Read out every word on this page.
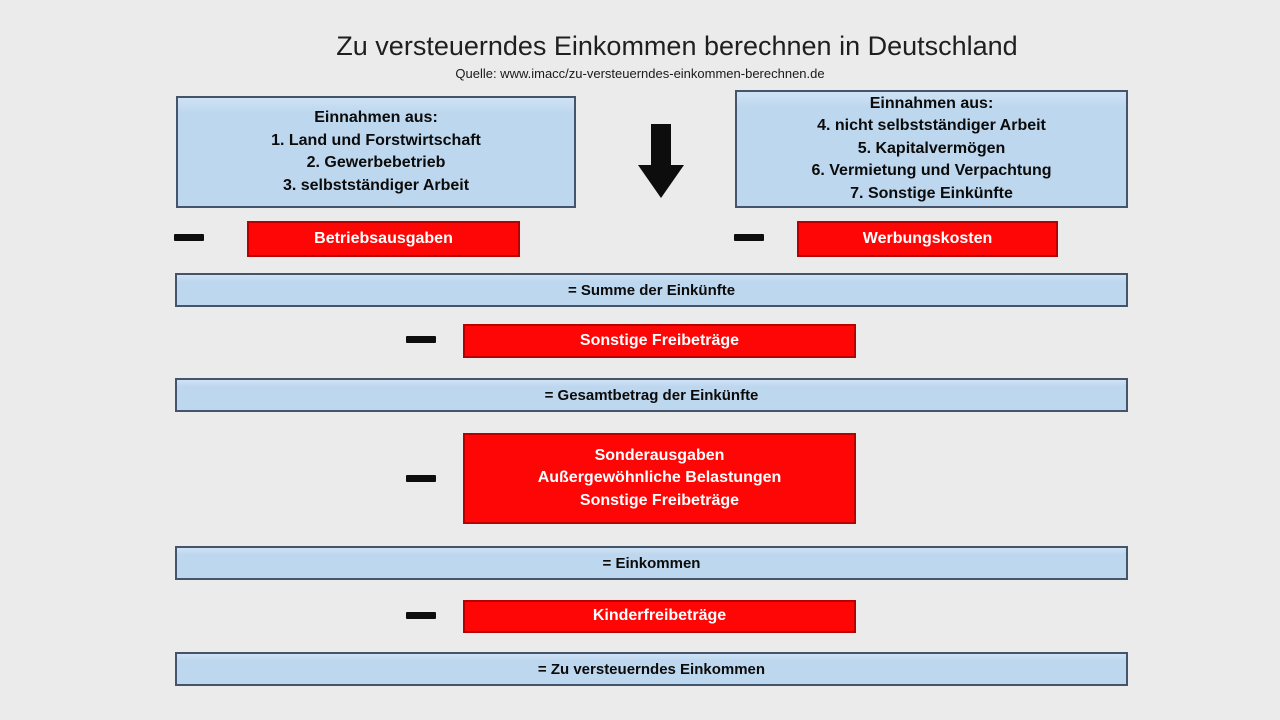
Zu versteuerndes Einkommen berechnen in Deutschland
Quelle: www.imacc/zu-versteuerndes-einkommen-berechnen.de
Einnahmen aus:
1. Land und Forstwirtschaft
2. Gewerbebetrieb
3. selbstständiger Arbeit
Einnahmen aus:
4. nicht selbstständiger Arbeit
5. Kapitalvermögen
6. Vermietung und Verpachtung
7. Sonstige Einkünfte
Betriebsausgaben	Werbungskosten
= Summe der Einkünfte
Sonstige Freibeträge
= Gesamtbetrag der Einkünfte
Sonderausgaben
Außergewöhnliche Belastungen
Sonstige Freibeträge
= Einkommen
Kinderfreibeträge
= Zu versteuerndes Einkommen
